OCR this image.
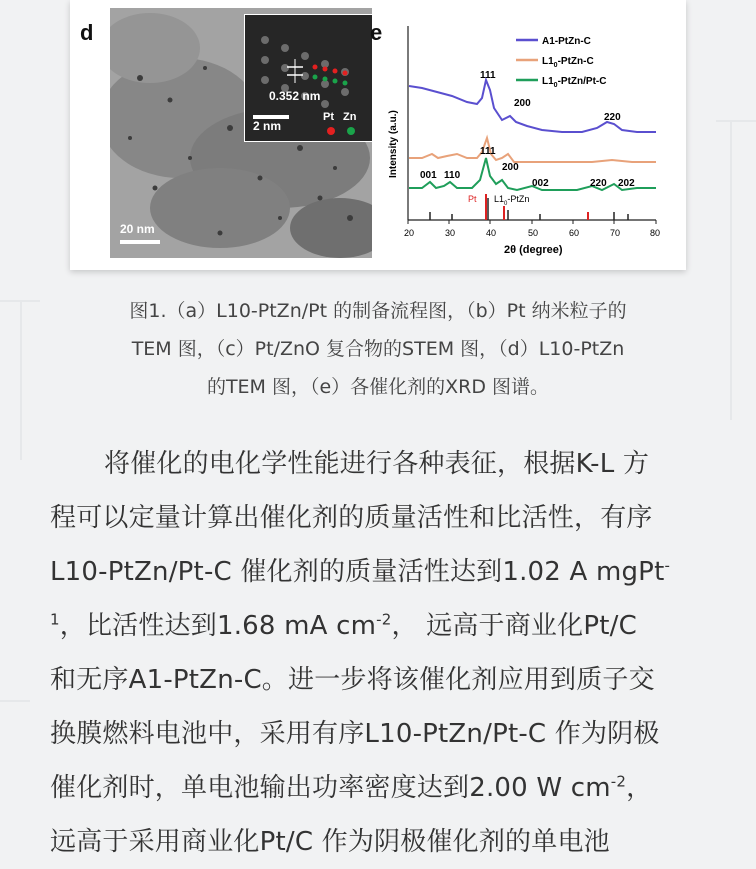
d
0.352 nm
2 nm
Pt Zn
20 nm
e
20	30	40	50	60	70	80
2θ (degree)
Intensity (a.u.)
Pt $L1_0$-PtZn
111
200
220
001 110
111
200
002	220 202
A1-PtZn-C
$L1_0-PtZn-C$
$L1_0-PtZn/Pt-C$
图1.（a）L10-PtZn/Pt 的制备流程图，（b）Pt 纳米粒子的
TEM 图，（c）Pt/ZnO 复合物的STEM 图，（d）L10-PtZn
的TEM 图，（e）各催化剂的XRD 图谱。
将催化的电化学性能进行各种表征，根据K-L 方
程可以定量计算出催化剂的质量活性和比活性，有序
L10-PtZn/Pt-C 催化剂的质量活性达到1.02 A mgPt-
$^1$，比活性达到1.68 mA $cm^{-2}$， 远高于商业化Pt/C
和无序A1-PtZn-C。进一步将该催化剂应用到质子交
换膜燃料电池中，采用有序L10-PtZn/Pt-C 作为阴极
催化剂时，单电池输出功率密度达到2.00 W $cm^{-2}$，
远高于采用商业化Pt/C 作为阴极催化剂的单电池
